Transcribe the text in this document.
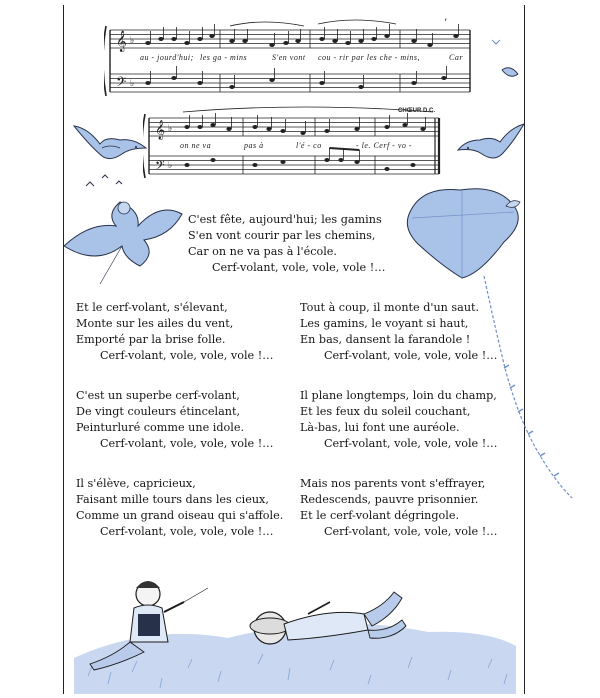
𝄞
𝄢
♭
♭
’
au - jourd'hui; les ga - mins	S'en vont cou - rir par les che - mins,	Car
𝄞
𝄢
♭
♭
CHŒUR D.C.
on ne va	pas à	l'é - co	- le. Cerf - vo -
C'est fête, aujourd'hui; les gamins
S'en vont courir par les chemins,
Car on ne va pas à l'école.
Cerf-volant, vole, vole, vole !…
Et le cerf-volant, s'élevant,
Monte sur les ailes du vent,
Emporté par la brise folle.
Cerf-volant, vole, vole, vole !…
Tout à coup, il monte d'un saut.
Les gamins, le voyant si haut,
En bas, dansent la farandole !
Cerf-volant, vole, vole, vole !…
C'est un superbe cerf-volant,
De vingt couleurs étincelant,
Peinturluré comme une idole.
Cerf-volant, vole, vole, vole !…
Il plane longtemps, loin du champ,
Et les feux du soleil couchant,
Là-bas, lui font une auréole.
Cerf-volant, vole, vole, vole !…
Il s'élève, capricieux,
Faisant mille tours dans les cieux,
Comme un grand oiseau qui s'affole.
Cerf-volant, vole, vole, vole !…
Mais nos parents vont s'effrayer,
Redescends, pauvre prisonnier.
Et le cerf-volant dégringole.
Cerf-volant, vole, vole, vole !…
